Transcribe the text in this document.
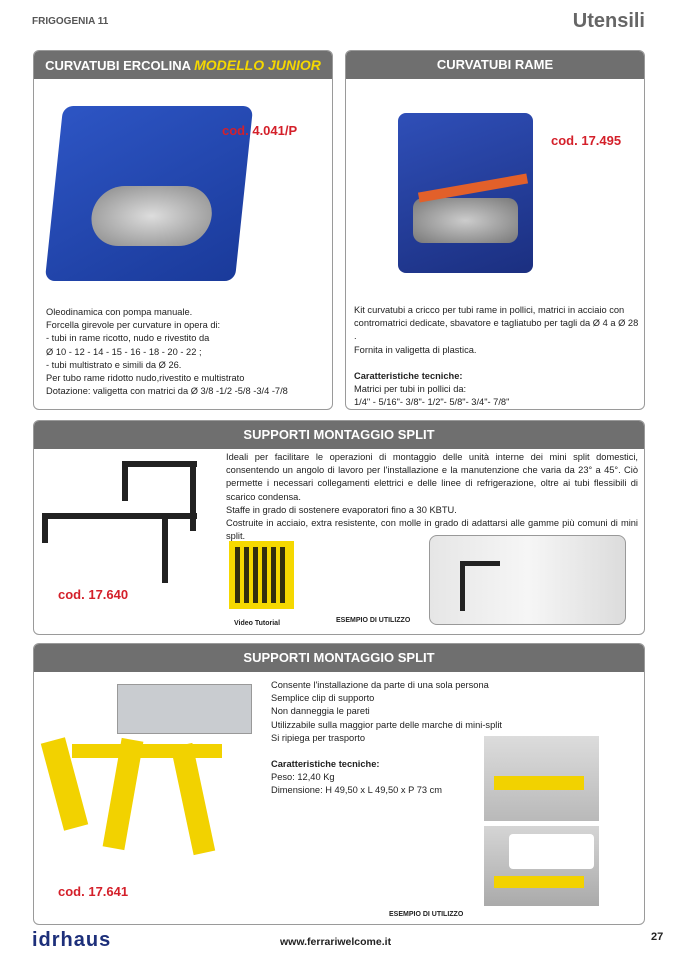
FRIGOGENIA 11	Utensili
CURVATUBI ERCOLINA MODELLO JUNIOR
cod. 4.041/P

Oleodinamica con pompa manuale.

Forcella girevole per curvature in opera di:

- tubi in rame ricotto, nudo e rivestito da

Ø 10 - 12 - 14 - 15 - 16 - 18 - 20 - 22 ;

- tubi multistrato e simili da Ø 26.

Per tubo rame ridotto nudo,rivestito e multistrato

Dotazione: valigetta con matrici da Ø 3/8 -1/2 -5/8 -3/4 -7/8

CURVATUBI RAME
cod. 17.495

Kit curvatubi a cricco per tubi rame in pollici, matrici in acciaio con contromatrici dedicate, sbavatore e tagliatubo per tagli da Ø 4 a Ø 28 .

Fornita in valigetta di plastica.

Caratteristiche tecniche:

Matrici per tubi in pollici da:

1/4" - 5/16"- 3/8"- 1/2"- 5/8"- 3/4"- 7/8"

SUPPORTI MONTAGGIO SPLIT
cod. 17.640

Ideali per facilitare le operazioni di montaggio delle unità interne dei mini split domestici, consentendo un angolo di lavoro per l'installazione e la manutenzione che varia da 23° a 45°. Ciò permette i necessari collegamenti elettrici e delle linee di refrigerazione, oltre ai tubi flessibili di scarico condensa.

Staffe in grado di sostenere evaporatori fino a 30 KBTU.

Costruite in acciaio, extra resistente, con molle in grado di adattarsi alle gamme più comuni di mini split.

Video Tutorial	ESEMPIO DI UTILIZZO
SUPPORTI MONTAGGIO SPLIT
cod. 17.641

Consente l'installazione da parte di una sola persona

Semplice clip di supporto

Non danneggia le pareti

Utilizzabile sulla maggior parte delle marche di mini-split

Si ripiega per trasporto

Caratteristiche tecniche:

Peso: 12,40 Kg

Dimensione: H 49,50 x L 49,50 x P 73 cm

ESEMPIO DI UTILIZZO
idrhaus	www.ferrariwelcome.it	27
